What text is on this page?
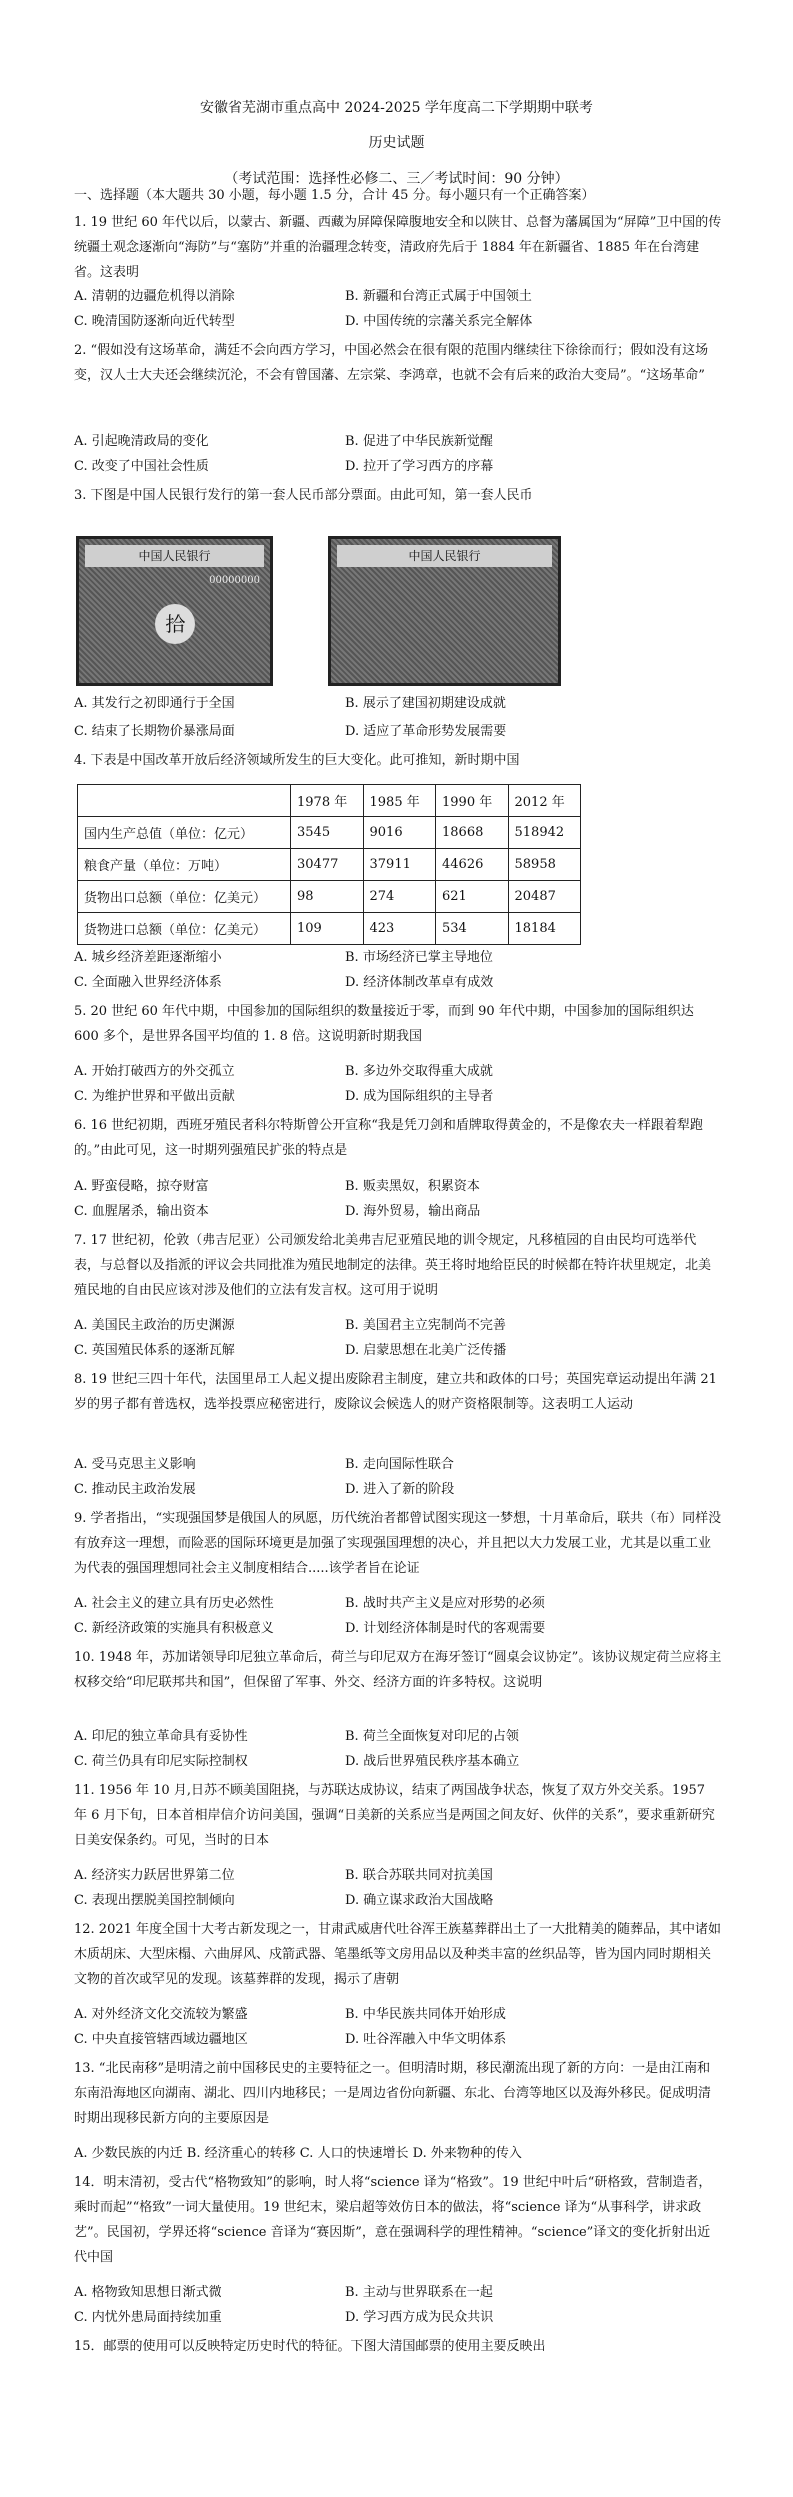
安徽省芜湖市重点高中 2024-2025 学年度高二下学期期中联考
历史试题
（考试范围：选择性必修二、三／考试时间：90 分钟）
一、选择题（本大题共 30 小题，每小题 1.5 分，合计 45 分。每小题只有一个正确答案）
1. 19 世纪 60 年代以后，以蒙古、新疆、西藏为屏障保障腹地安全和以陕甘、总督为藩属国为“屏障”卫中国的传统疆土观念逐渐向“海防”与“塞防”并重的治疆理念转变，清政府先后于 1884 年在新疆省、1885 年在台湾建省。这表明
A. 清朝的边疆危机得以消除	B. 新疆和台湾正式属于中国领土
C. 晚清国防逐渐向近代转型	D. 中国传统的宗藩关系完全解体
2. “假如没有这场革命，满廷不会向西方学习，中国必然会在很有限的范围内继续往下徐徐而行；假如没有这场变，汉人士大夫还会继续沉沦，不会有曾国藩、左宗棠、李鸿章，也就不会有后来的政治大变局”。“这场革命”
A. 引起晚清政局的变化	B. 促进了中华民族新觉醒
C. 改变了中国社会性质	D. 拉开了学习西方的序幕
3. 下图是中国人民银行发行的第一套人民币部分票面。由此可知，第一套人民币
中国人民银行
00000000
拾
中国人民银行
A. 其发行之初即通行于全国	B. 展示了建国初期建设成就
C. 结束了长期物价暴涨局面	D. 适应了革命形势发展需要
4. 下表是中国改革开放后经济领域所发生的巨大变化。此可推知，新时期中国
	1978 年	1985 年	1990 年	2012 年
国内生产总值（单位：亿元）	3545	9016	18668	518942
粮食产量（单位：万吨）	30477	37911	44626	58958
货物出口总额（单位：亿美元）	98	274	621	20487
货物进口总额（单位：亿美元）	109	423	534	18184
A. 城乡经济差距逐渐缩小	B. 市场经济已掌主导地位
C. 全面融入世界经济体系	D. 经济体制改革卓有成效
5. 20 世纪 60 年代中期，中国参加的国际组织的数量接近于零，而到 90 年代中期，中国参加的国际组织达 600 多个，是世界各国平均值的 1. 8 倍。这说明新时期我国
A. 开始打破西方的外交孤立	B. 多边外交取得重大成就
C. 为维护世界和平做出贡献	D. 成为国际组织的主导者
6. 16 世纪初期，西班牙殖民者科尔特斯曾公开宣称“我是凭刀剑和盾牌取得黄金的，不是像农夫一样跟着犁跑的。”由此可见，这一时期列强殖民扩张的特点是
A. 野蛮侵略，掠夺财富	B. 贩卖黑奴，积累资本
C. 血腥屠杀，输出资本	D. 海外贸易，输出商品
7. 17 世纪初，伦敦（弗吉尼亚）公司颁发给北美弗吉尼亚殖民地的训令规定，凡移植园的自由民均可选举代表，与总督以及指派的评议会共同批准为殖民地制定的法律。英王将时地给臣民的时候都在特许状里规定，北美殖民地的自由民应该对涉及他们的立法有发言权。这可用于说明
A. 美国民主政治的历史渊源	B. 美国君主立宪制尚不完善
C. 英国殖民体系的逐渐瓦解	D. 启蒙思想在北美广泛传播
8. 19 世纪三四十年代，法国里昂工人起义提出废除君主制度，建立共和政体的口号；英国宪章运动提出年满 21 岁的男子都有普选权，选举投票应秘密进行，废除议会候选人的财产资格限制等。这表明工人运动
A. 受马克思主义影响	B. 走向国际性联合
C. 推动民主政治发展	D. 进入了新的阶段
9. 学者指出，“实现强国梦是俄国人的夙愿，历代统治者都曾试图实现这一梦想，十月革命后，联共（布）同样没有放弃这一理想，而险恶的国际环境更是加强了实现强国理想的决心，并且把以大力发展工业，尤其是以重工业为代表的强国理想同社会主义制度相结合.....该学者旨在论证
A. 社会主义的建立具有历史必然性	B. 战时共产主义是应对形势的必须
C. 新经济政策的实施具有积极意义	D. 计划经济体制是时代的客观需要
10. 1948 年，苏加诺领导印尼独立革命后，荷兰与印尼双方在海牙签订“圆桌会议协定”。该协议规定荷兰应将主权移交给“印尼联邦共和国”，但保留了军事、外交、经济方面的许多特权。这说明
A. 印尼的独立革命具有妥协性	B. 荷兰全面恢复对印尼的占领
C. 荷兰仍具有印尼实际控制权	D. 战后世界殖民秩序基本确立
11. 1956 年 10 月,日苏不顾美国阻挠，与苏联达成协议，结束了两国战争状态，恢复了双方外交关系。1957 年 6 月下旬，日本首相岸信介访问美国，强调“日美新的关系应当是两国之间友好、伙伴的关系”，要求重新研究日美安保条约。可见，当时的日本
A. 经济实力跃居世界第二位	B. 联合苏联共同对抗美国
C. 表现出摆脱美国控制倾向	D. 确立谋求政治大国战略
12. 2021 年度全国十大考古新发现之一，甘肃武威唐代吐谷浑王族墓葬群出土了一大批精美的随葬品，其中诸如木质胡床、大型床榻、六曲屏风、戍箭武器、笔墨纸等文房用品以及种类丰富的丝织品等，皆为国内同时期相关文物的首次或罕见的发现。该墓葬群的发现，揭示了唐朝
A. 对外经济文化交流较为繁盛	B. 中华民族共同体开始形成
C. 中央直接管辖西域边疆地区	D. 吐谷浑融入中华文明体系
13. “北民南移”是明清之前中国移民史的主要特征之一。但明清时期，移民潮流出现了新的方向：一是由江南和东南沿海地区向湖南、湖北、四川内地移民；一是周边省份向新疆、东北、台湾等地区以及海外移民。促成明清时期出现移民新方向的主要原因是
A. 少数民族的内迁 B. 经济重心的转移 C. 人口的快速增长 D. 外来物种的传入
14．明末清初，受古代“格物致知”的影响，时人将“science 译为“格致”。19 世纪中叶后“研格致，营制造者，乘时而起”“格致”一词大量使用。19 世纪末，梁启超等效仿日本的做法，将“science 译为“从事科学，讲求政艺”。民国初，学界还将“science 音译为“赛因斯”，意在强调科学的理性精神。“science”译文的变化折射出近代中国
A. 格物致知思想日渐式微	B. 主动与世界联系在一起
C. 内忧外患局面持续加重	D. 学习西方成为民众共识
15．邮票的使用可以反映特定历史时代的特征。下图大清国邮票的使用主要反映出
